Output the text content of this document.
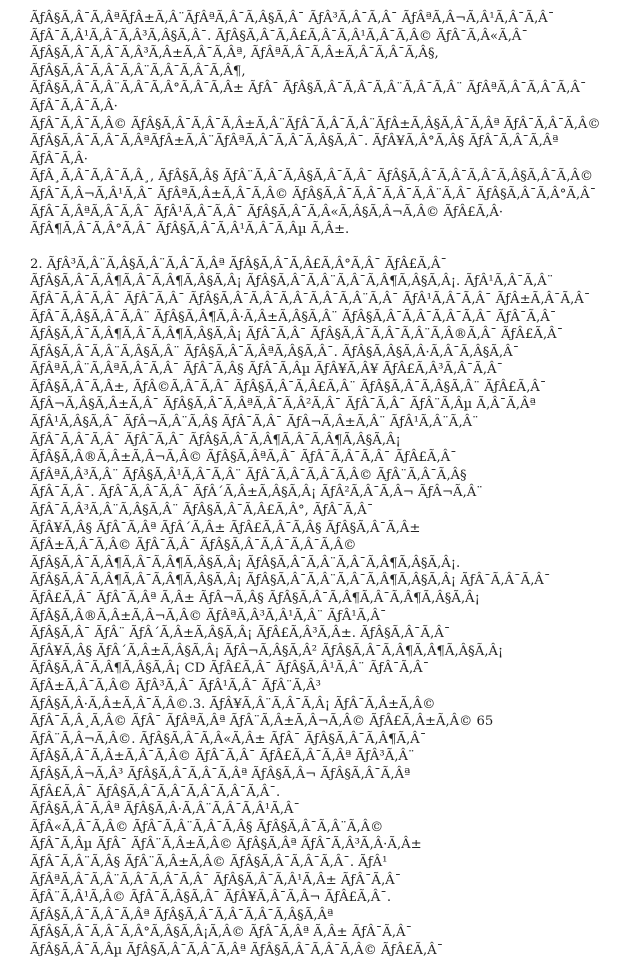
ÃƒÂ§Ã‚Â¯Ã‚ÂªÃƒÂ±Ã‚Â¨ÃƒÂªÃ‚Â¯Ã‚Â§Ã‚Â¯ ÃƒÂ³Ã‚Â¯Ã‚Â¯ ÃƒÂªÃ‚Â¬Ã‚Â¹Ã‚Â¯Ã‚Â¯
ÃƒÂ¯Ã‚Â¹Ã‚Â¯Ã‚Â³Ã‚Â§Ã‚Â¯. ÃƒÂ§Ã‚Â¯Ã‚Â£Ã‚Â¯Ã‚Â¹Ã‚Â¯Ã‚Â© ÃƒÂ¯Ã‚Â«Ã‚Â¯
ÃƒÂ§Ã‚Â¯Ã‚Â¯Ã‚Â³Ã‚Â±Ã‚Â¯Ã‚Âª, ÃƒÂªÃ‚Â¯Ã‚Â±Ã‚Â¯Ã‚Â¯Ã‚Â§, ÃƒÂ§Ã‚Â¯Ã‚Â¯Ã‚Â¨Ã‚Â¯Ã‚Â¯Ã‚Â¶,
ÃƒÂ§Ã‚Â¯Ã‚Â¨Ã‚Â¯Ã‚Â°Ã‚Â¯Ã‚Â± ÃƒÂ¯ ÃƒÂ§Ã‚Â¯Ã‚Â¯Ã‚Â¨Ã‚Â¯Ã‚Â¨ ÃƒÂªÃ‚Â¯Ã‚Â¯Ã‚Â¯ ÃƒÂ¯Ã‚Â¯Ã‚Â·
ÃƒÂ¯Ã‚Â¯Ã‚Â© ÃƒÂ§Ã‚Â¯Ã‚Â¯Ã‚Â±Ã‚Â¨ÃƒÂ¯Ã‚Â¯Ã‚Â¨ÃƒÂ±Ã‚Â§Ã‚Â¯Ã‚Âª ÃƒÂ¯Ã‚Â¯Ã‚Â©
ÃƒÂ§Ã‚Â¯Ã‚Â¯Ã‚ÂªÃƒÂ±Ã‚Â¨ÃƒÂªÃ‚Â¯Ã‚Â¯Ã‚Â§Ã‚Â¯. ÃƒÂ¥Ã‚Â°Ã‚Â§ ÃƒÂ¯Ã‚Â¯Ã‚Âª ÃƒÂ¯Ã‚Â·
ÃƒÂ¸Ã‚Â¯Ã‚Â¯Ã‚Â¸, ÃƒÂ§Ã‚Â§ ÃƒÂ¨Ã‚Â¯Ã‚Â§Ã‚Â¯Ã‚Â¯ ÃƒÂ§Ã‚Â¯Ã‚Â¯Ã‚Â¯Ã‚Â§Ã‚Â¯Ã‚Â©
ÃƒÂ¯Ã‚Â¬Ã‚Â¹Ã‚Â¯ ÃƒÂªÃ‚Â±Ã‚Â¯Ã‚Â© ÃƒÂ§Ã‚Â¯Ã‚Â¯Ã‚Â¯Ã‚Â¨Ã‚Â¯ ÃƒÂ§Ã‚Â¯Ã‚Â°Ã‚Â¯
ÃƒÂ¯Ã‚ÂªÃ‚Â¯Ã‚Â¯ ÃƒÂ¹Ã‚Â¯Ã‚Â¯ ÃƒÂ§Ã‚Â¯Ã‚Â«Ã‚Â§Ã‚Â¬Ã‚Â© ÃƒÂ£Ã‚Â·
ÃƒÂ¶Ã‚Â¯Ã‚Â°Ã‚Â¯ ÃƒÂ§Ã‚Â¯Ã‚Â¹Ã‚Â¯Ã‚Âµ Ã‚Â±.

2. ÃƒÂ³Ã‚Â¨Ã‚Â§Ã‚Â¨Ã‚Â¯Ã‚Âª ÃƒÂ§Ã‚Â¯Ã‚Â£Ã‚Â°Ã‚Â¯ ÃƒÂ£Ã‚Â¯
ÃƒÂ§Ã‚Â¯Ã‚Â¶Ã‚Â¯Ã‚Â¶Ã‚Â§Ã‚Â¡ ÃƒÂ§Ã‚Â¯Ã‚Â¨Ã‚Â¯Ã‚Â¶Ã‚Â§Ã‚Â¡. ÃƒÂ¹Ã‚Â¯Ã‚Â¨
ÃƒÂ¯Ã‚Â¯Ã‚Â¯ ÃƒÂ¯Ã‚Â¯ ÃƒÂ§Ã‚Â¯Ã‚Â¯Ã‚Â¯Ã‚Â¯Ã‚Â¨Ã‚Â¯ ÃƒÂ¹Ã‚Â¯Ã‚Â¯ ÃƒÂ±Ã‚Â¯Ã‚Â¯
ÃƒÂ¯Ã‚Â§Ã‚Â¯Ã‚Â¨ ÃƒÂ§Ã‚Â¶Ã‚Â·Ã‚Â±Ã‚Â§Ã‚Â¨ ÃƒÂ§Ã‚Â¯Ã‚Â¯Ã‚Â¯Ã‚Â¯ ÃƒÂ¯Ã‚Â¯
ÃƒÂ§Ã‚Â¯Ã‚Â¶Ã‚Â¯Ã‚Â¶Ã‚Â§Ã‚Â¡ ÃƒÂ¯Ã‚Â¯ ÃƒÂ§Ã‚Â¯Ã‚Â¯Ã‚Â¨Ã‚Â®Ã‚Â¯ ÃƒÂ£Ã‚Â¯
ÃƒÂ§Ã‚Â¯Ã‚Â¨Ã‚Â§Ã‚Â¨ ÃƒÂ§Ã‚Â¯Ã‚ÂªÃ‚Â§Ã‚Â¯. ÃƒÂ§Ã‚Â§Ã‚Â·Ã‚Â¯Ã‚Â§Ã‚Â¯
ÃƒÂªÃ‚Â¨Ã‚ÂªÃ‚Â¯Ã‚Â¯ ÃƒÂ¯Ã‚Â§ ÃƒÂ¯Ã‚Âµ ÃƒÂ¥Ã‚Â¥ ÃƒÂ£Ã‚Â³Ã‚Â¯Ã‚Â¯
ÃƒÂ§Ã‚Â¯Ã‚Â±, ÃƒÂ©Ã‚Â¯Ã‚Â¯ ÃƒÂ§Ã‚Â¯Ã‚Â£Ã‚Â¨ ÃƒÂ§Ã‚Â¯Ã‚Â§Ã‚Â¨ ÃƒÂ£Ã‚Â¯
ÃƒÂ¬Ã‚Â§Ã‚Â±Ã‚Â¯ ÃƒÂ§Ã‚Â¯Ã‚ÂªÃ‚Â¯Ã‚Â²Ã‚Â¯ ÃƒÂ¯Ã‚Â¯ ÃƒÂ¨Ã‚Âµ Ã‚Â¯Ã‚Âª
ÃƒÂ¹Ã‚Â§Ã‚Â¯ ÃƒÂ¬Ã‚Â¨Ã‚Â§ ÃƒÂ¯Ã‚Â¯ ÃƒÂ¬Ã‚Â±Ã‚Â¨ ÃƒÂ¹Ã‚Â¨Ã‚Â¨
ÃƒÂ¯Ã‚Â¯Ã‚Â¯ ÃƒÂ¯Ã‚Â¯ ÃƒÂ§Ã‚Â¯Ã‚Â¶Ã‚Â¯Ã‚Â¶Ã‚Â§Ã‚Â¡
ÃƒÂ§Ã‚Â®Ã‚Â±Ã‚Â¬Ã‚Â© ÃƒÂ§Ã‚ÂªÃ‚Â¯ ÃƒÂ¯Ã‚Â¯Ã‚Â¯ ÃƒÂ£Ã‚Â¯
ÃƒÂªÃ‚Â³Ã‚Â¨ ÃƒÂ§Ã‚Â¹Ã‚Â¯Ã‚Â¨ ÃƒÂ¯Ã‚Â¯Ã‚Â¯Ã‚Â© ÃƒÂ¨Ã‚Â¯Ã‚Â§
ÃƒÂ¯Ã‚Â¯. ÃƒÂ¯Ã‚Â¯Ã‚Â¯ ÃƒÂ´Ã‚Â±Ã‚Â§Ã‚Â¡ ÃƒÂ²Ã‚Â¯Ã‚Â¬ ÃƒÂ¬Ã‚Â¨
ÃƒÂ¯Ã‚Â³Ã‚Â¨Ã‚Â§Ã‚Â¨ ÃƒÂ§Ã‚Â¯Ã‚Â£Ã‚Â°, ÃƒÂ¯Ã‚Â¯
ÃƒÂ¥Ã‚Â§ ÃƒÂ¯Ã‚Âª ÃƒÂ´Ã‚Â± ÃƒÂ£Ã‚Â¯Ã‚Â§ ÃƒÂ§Ã‚Â¯Ã‚Â±
ÃƒÂ±Ã‚Â¯Ã‚Â© ÃƒÂ¯Ã‚Â¯ ÃƒÂ§Ã‚Â¯Ã‚Â¯Ã‚Â¯Ã‚Â©
ÃƒÂ§Ã‚Â¯Ã‚Â¶Ã‚Â¯Ã‚Â¶Ã‚Â§Ã‚Â¡ ÃƒÂ§Ã‚Â¯Ã‚Â¨Ã‚Â¯Ã‚Â¶Ã‚Â§Ã‚Â¡.
ÃƒÂ§Ã‚Â¯Ã‚Â¶Ã‚Â¯Ã‚Â¶Ã‚Â§Ã‚Â¡ ÃƒÂ§Ã‚Â¯Ã‚Â¨Ã‚Â¯Ã‚Â¶Ã‚Â§Ã‚Â¡ ÃƒÂ¯Ã‚Â¯Ã‚Â¯
ÃƒÂ£Ã‚Â¯ ÃƒÂ¯Ã‚Âª Ã‚Â± ÃƒÂ¬Ã‚Â§ ÃƒÂ§Ã‚Â¯Ã‚Â¶Ã‚Â¯Ã‚Â¶Ã‚Â§Ã‚Â¡
ÃƒÂ§Ã‚Â®Ã‚Â±Ã‚Â¬Ã‚Â© ÃƒÂªÃ‚Â³Ã‚Â¹Ã‚Â¨ ÃƒÂ¹Ã‚Â¯
ÃƒÂ§Ã‚Â¯ ÃƒÂ¨ ÃƒÂ´Ã‚Â±Ã‚Â§Ã‚Â¡ ÃƒÂ£Ã‚Â³Ã‚Â±. ÃƒÂ§Ã‚Â¯Ã‚Â¯
ÃƒÂ¥Ã‚Â§ ÃƒÂ´Ã‚Â±Ã‚Â§Ã‚Â¡ ÃƒÂ¬Ã‚Â§Ã‚Â² ÃƒÂ§Ã‚Â¯Ã‚Â¶Ã‚Â¶Ã‚Â§Ã‚Â¡
ÃƒÂ§Ã‚Â¯Ã‚Â¶Ã‚Â§Ã‚Â¡ CD ÃƒÂ£Ã‚Â¯ ÃƒÂ§Ã‚Â¹Ã‚Â¨ ÃƒÂ¯Ã‚Â¯
ÃƒÂ±Ã‚Â¯Ã‚Â© ÃƒÂ³Ã‚Â¯ ÃƒÂ¹Ã‚Â¯ ÃƒÂ¨Ã‚Â³
ÃƒÂ§Ã‚Â·Ã‚Â±Ã‚Â¯Ã‚Â©.3. ÃƒÂ¥Ã‚Â¨Ã‚Â¯Ã‚Â¡ ÃƒÂ¯Ã‚Â±Ã‚Â©
ÃƒÂ¯Ã‚Â¸Ã‚Â© ÃƒÂ¯ ÃƒÂªÃ‚Âª ÃƒÂ¨Ã‚Â±Ã‚Â¬Ã‚Â© ÃƒÂ£Ã‚Â±Ã‚Â© 65
ÃƒÂ¨Ã‚Â¬Ã‚Â©. ÃƒÂ§Ã‚Â¯Ã‚Â«Ã‚Â± ÃƒÂ¯ ÃƒÂ§Ã‚Â¯Ã‚Â¶Ã‚Â¯
ÃƒÂ§Ã‚Â¯Ã‚Â±Ã‚Â¯Ã‚Â© ÃƒÂ¯Ã‚Â¯ ÃƒÂ£Ã‚Â¯Ã‚Âª ÃƒÂ³Ã‚Â¨
ÃƒÂ§Ã‚Â¬Ã‚Â³ ÃƒÂ§Ã‚Â¯Ã‚Â¯Ã‚Âª ÃƒÂ§Ã‚Â¬ ÃƒÂ§Ã‚Â¯Ã‚Âª
ÃƒÂ£Ã‚Â¯ ÃƒÂ§Ã‚Â¯Ã‚Â¯Ã‚Â¯Ã‚Â¯Ã‚Â¯.
ÃƒÂ§Ã‚Â¯Ã‚Âª ÃƒÂ§Ã‚Â·Ã‚Â¨Ã‚Â¯Ã‚Â¹Ã‚Â¯
ÃƒÂ«Ã‚Â¯Ã‚Â© ÃƒÂ¯Ã‚Â¨Ã‚Â¯Ã‚Â§ ÃƒÂ§Ã‚Â¯Ã‚Â¨Ã‚Â©
ÃƒÂ¯Ã‚Âµ ÃƒÂ¯ ÃƒÂ¨Ã‚Â±Ã‚Â© ÃƒÂ§Ã‚Âª ÃƒÂ¯Ã‚Â³Ã‚Â·Ã‚Â±
ÃƒÂ¯Ã‚Â¨Ã‚Â§ ÃƒÂ¨Ã‚Â±Ã‚Â© ÃƒÂ§Ã‚Â¯Ã‚Â¯Ã‚Â¯. ÃƒÂ¹
ÃƒÂªÃ‚Â¯Ã‚Â¨Ã‚Â¯Ã‚Â¯Ã‚Â¯ ÃƒÂ§Ã‚Â¯Ã‚Â¹Ã‚Â± ÃƒÂ¯Ã‚Â¯
ÃƒÂ¨Ã‚Â¹Ã‚Â© ÃƒÂ¯Ã‚Â§Ã‚Â¯ ÃƒÂ¥Ã‚Â¯Ã‚Â¬ ÃƒÂ£Ã‚Â¯.
ÃƒÂ§Ã‚Â¯Ã‚Â¯Ã‚Âª ÃƒÂ§Ã‚Â¯Ã‚Â¯Ã‚Â¯Ã‚Â§Ã‚Âª
ÃƒÂ§Ã‚Â¯Ã‚Â¯Ã‚Â°Ã‚Â§Ã‚Â¡Ã‚Â© ÃƒÂ¯Ã‚Âª Ã‚Â± ÃƒÂ¯Ã‚Â¯
ÃƒÂ§Ã‚Â¯Ã‚Âµ ÃƒÂ§Ã‚Â¯Ã‚Â¯Ã‚Âª ÃƒÂ§Ã‚Â¯Ã‚Â¯Ã‚Â© ÃƒÂ£Ã‚Â¯
